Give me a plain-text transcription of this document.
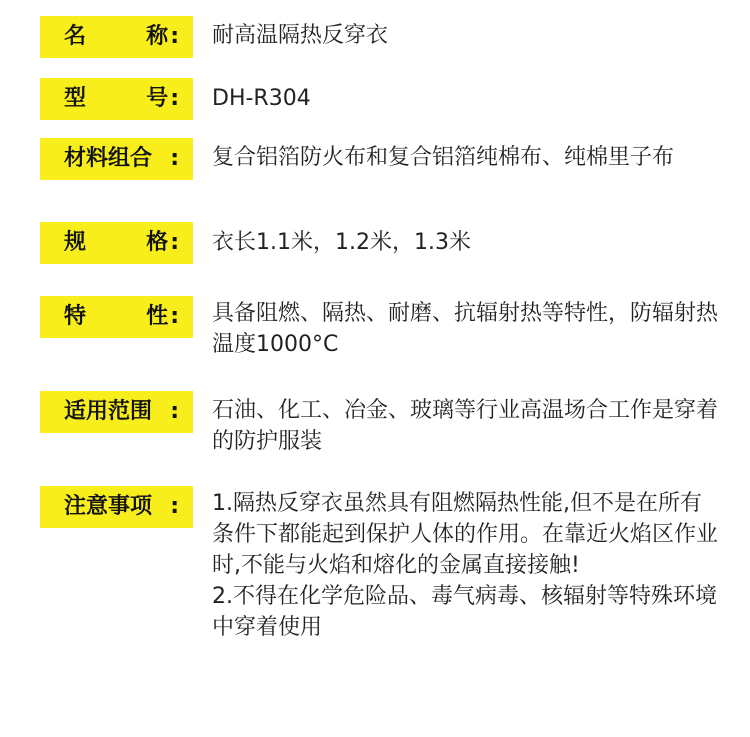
名	称 : 耐高温隔热反穿衣
型	号 : DH-R304
材料组合 : 复合铝箔防火布和复合铝箔纯棉布、纯棉里子布
规	格 : 衣长1.1米，1.2米，1.3米
特	性 : 具备阻燃、隔热、耐磨、抗辐射热等特性，防辐射热温度1000°C
适用范围 : 石油、化工、冶金、玻璃等行业高温场合工作是穿着的防护服装
注意事项 : 1.隔热反穿衣虽然具有阻燃隔热性能,但不是在所有条件下都能起到保护人体的作用。在靠近火焰区作业时,不能与火焰和熔化的金属直接接触!
2.不得在化学危险品、毒气病毒、核辐射等特殊环境中穿着使用
